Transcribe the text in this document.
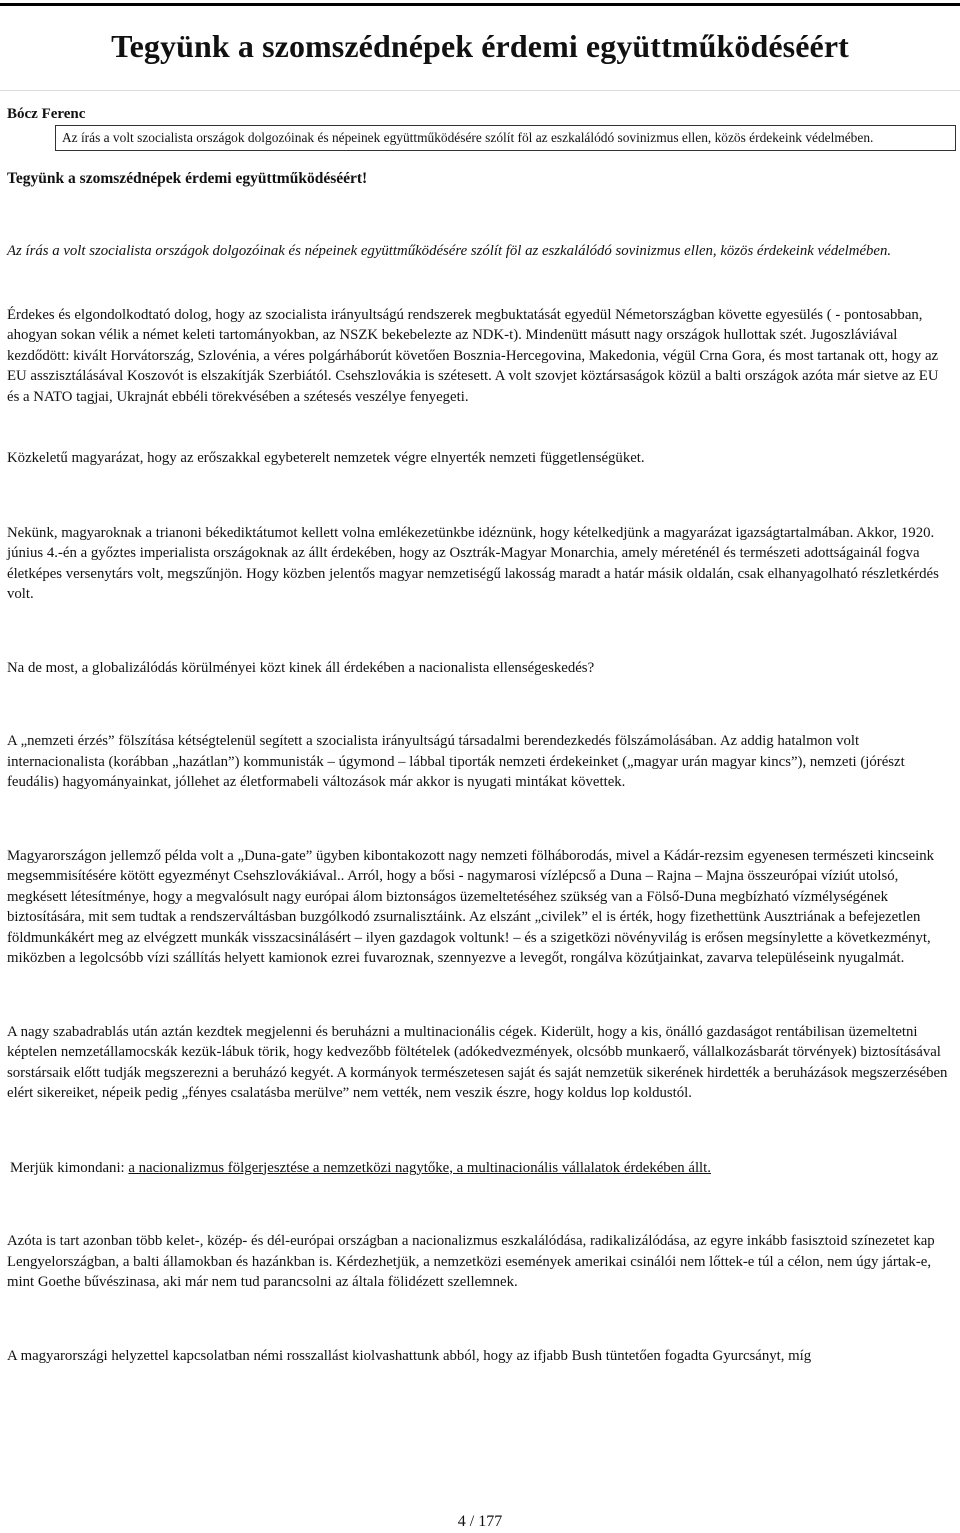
Tegyünk a szomszédnépek érdemi együttműködéséért
Bócz Ferenc
Az írás a volt szocialista országok dolgozóinak és népeinek együttműködésére szólít föl az eszkalálódó sovinizmus ellen, közös érdekeink védelmében.
Tegyünk a szomszédnépek érdemi együttműködéséért!

Az írás a volt szocialista országok dolgozóinak és népeinek együttműködésére szólít föl az eszkalálódó sovinizmus ellen, közös érdekeink védelmében.

Érdekes és elgondolkodtató dolog, hogy az szocialista irányultságú rendszerek megbuktatását egyedül Németországban követte egyesülés ( - pontosabban, ahogyan sokan vélik a német keleti tartományokban, az NSZK bekebelezte az NDK-t). Mindenütt másutt nagy országok hullottak szét. Jugoszláviával kezdődött: kivált Horvátország, Szlovénia, a véres polgárháborút követően Bosznia-Hercegovina, Makedonia, végül Crna Gora, és most tartanak ott, hogy az EU asszisztálásával Koszovót is elszakítják Szerbiától. Csehszlovákia is szétesett. A volt szovjet köztársaságok közül a balti országok azóta már sietve az EU és a NATO tagjai, Ukrajnát ebbéli törekvésében a szétesés veszélye fenyegeti.

Közkeletű magyarázat, hogy az erőszakkal egybeterelt nemzetek végre elnyerték nemzeti függetlenségüket.

Nekünk, magyaroknak a trianoni békediktátumot kellett volna emlékezetünkbe idéznünk, hogy kételkedjünk a magyarázat igazságtartalmában. Akkor, 1920. június 4.-én a győztes imperialista országoknak az állt érdekében, hogy az Osztrák-Magyar Monarchia, amely méreténél és természeti adottságainál fogva életképes versenytárs volt, megszűnjön. Hogy közben jelentős magyar nemzetiségű lakosság maradt a határ másik oldalán, csak elhanyagolható részletkérdés volt.

Na de most, a globalizálódás körülményei közt kinek áll érdekében a nacionalista ellenségeskedés?

A „nemzeti érzés” fölszítása kétségtelenül segített a szocialista irányultságú társadalmi berendezkedés fölszámolásában. Az addig hatalmon volt internacionalista (korábban „hazátlan”) kommunisták – úgymond – lábbal tiporták nemzeti érdekeinket („magyar urán magyar kincs”), nemzeti (jórészt feudális) hagyományainkat, jóllehet az életformabeli változások már akkor is nyugati mintákat követtek.

Magyarországon jellemző példa volt a „Duna-gate” ügyben kibontakozott nagy nemzeti fölháborodás, mivel a Kádár-rezsim egyenesen természeti kincseink megsemmisítésére kötött egyezményt Csehszlovákiával.. Arról, hogy a bősi - nagymarosi vízlépcső a Duna – Rajna – Majna összeurópai víziút utolsó, megkésett létesítménye, hogy a megvalósult nagy európai álom biztonságos üzemeltetéséhez szükség van a Fölső-Duna megbízható vízmélységének biztosítására, mit sem tudtak a rendszerváltásban buzgólkodó zsurnalisztáink. Az elszánt „civilek” el is érték, hogy fizethettünk Ausztriának a befejezetlen földmunkákért meg az elvégzett munkák visszacsinálásért – ilyen gazdagok voltunk! – és a szigetközi növényvilág is erősen megsínylette a következményt, miközben a legolcsóbb vízi szállítás helyett kamionok ezrei fuvaroznak, szennyezve a levegőt, rongálva közútjainkat, zavarva településeink nyugalmát.

A nagy szabadrablás után aztán kezdtek megjelenni és beruházni a multinacionális cégek. Kiderült, hogy a kis, önálló gazdaságot rentábilisan üzemeltetni képtelen nemzetállamocskák kezük-lábuk törik, hogy kedvezőbb föltételek (adókedvezmények, olcsóbb munkaerő, vállalkozásbarát törvények) biztosításával sorstársaik előtt tudják megszerezni a beruházó kegyét. A kormányok természetesen saját és saját nemzetük sikerének hirdették a beruházások megszerzésében elért sikereiket, népeik pedig „fényes csalatásba merülve” nem vették, nem veszik észre, hogy koldus lop koldustól.

Merjük kimondani: a nacionalizmus fölgerjesztése a nemzetközi nagytőke, a multinacionális vállalatok érdekében állt.

Azóta is tart azonban több kelet-, közép- és dél-európai országban a nacionalizmus eszkalálódása, radikalizálódása, az egyre inkább fasisztoid színezetet kap Lengyelországban, a balti államokban és hazánkban is. Kérdezhetjük, a nemzetközi események amerikai csinálói nem lőttek-e túl a célon, nem úgy jártak-e, mint Goethe bűvészinasa, aki már nem tud parancsolni az általa fölidézett szellemnek.

A magyarországi helyzettel kapcsolatban némi rosszallást kiolvashattunk abból, hogy az ifjabb Bush tüntetően fogadta Gyurcsányt, míg

4 / 177
